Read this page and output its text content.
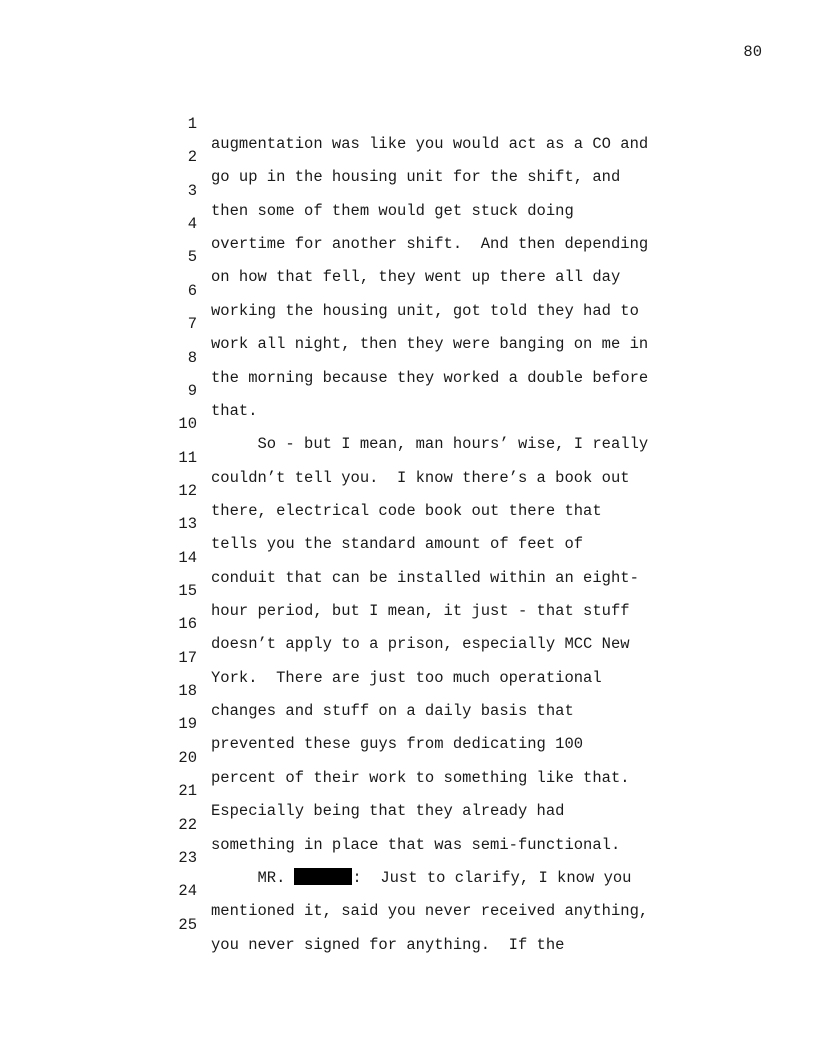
80

1

augmentation was like you would act as a CO and

2

go up in the housing unit for the shift, and

3

then some of them would get stuck doing

4

overtime for another shift.  And then depending

5

on how that fell, they went up there all day

6

working the housing unit, got told they had to

7

work all night, then they were banging on me in

8

the morning because they worked a double before

9

that.

10

So - but I mean, man hours’ wise, I really

11

couldn’t tell you.  I know there’s a book out

12

there, electrical code book out there that

13

tells you the standard amount of feet of

14

conduit that can be installed within an eight-

15

hour period, but I mean, it just - that stuff

16

doesn’t apply to a prison, especially MCC New

17

York.  There are just too much operational

18

changes and stuff on a daily basis that

19

prevented these guys from dedicating 100

20

percent of their work to something like that.

21

Especially being that they already had

22

something in place that was semi-functional.

23

MR.	:  Just to clarify, I know you

24

mentioned it, said you never received anything,

25

you never signed for anything.  If the
